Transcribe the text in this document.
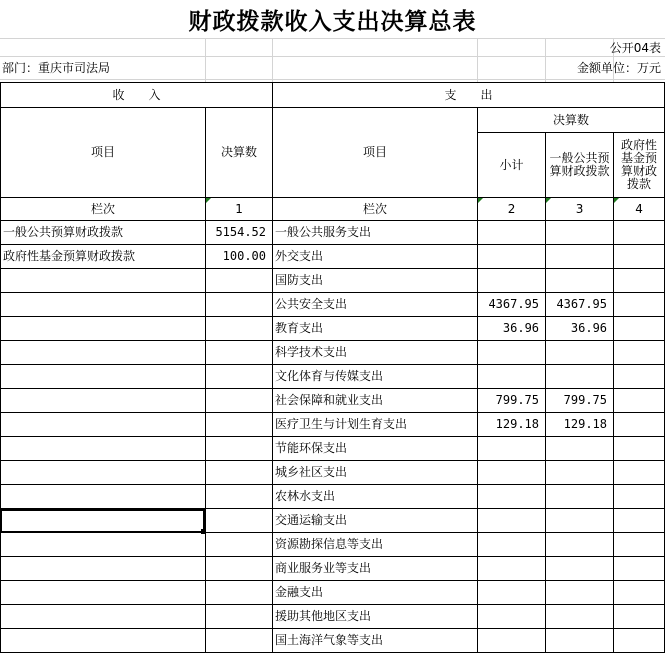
财政拨款收入支出决算总表
公开04表
部门：重庆市司法局	金额单位：万元
收　　入		支　　出			
项目	决算数	项目	决算数		
			小计	一般公共预算财政拨款	政府性基金预算财政拨款
栏次	1	栏次	2	3	4
一般公共预算财政拨款	5154.52	一般公共服务支出			
政府性基金预算财政拨款	100.00	外交支出			
		国防支出			
		公共安全支出	4367.95	4367.95	
		教育支出	36.96	36.96	
		科学技术支出			
		文化体育与传媒支出			
		社会保障和就业支出	799.75	799.75	
		医疗卫生与计划生育支出	129.18	129.18	
		节能环保支出			
		城乡社区支出			
		农林水支出			
		交通运输支出			
		资源勘探信息等支出			
		商业服务业等支出			
		金融支出			
		援助其他地区支出			
		国土海洋气象等支出			
